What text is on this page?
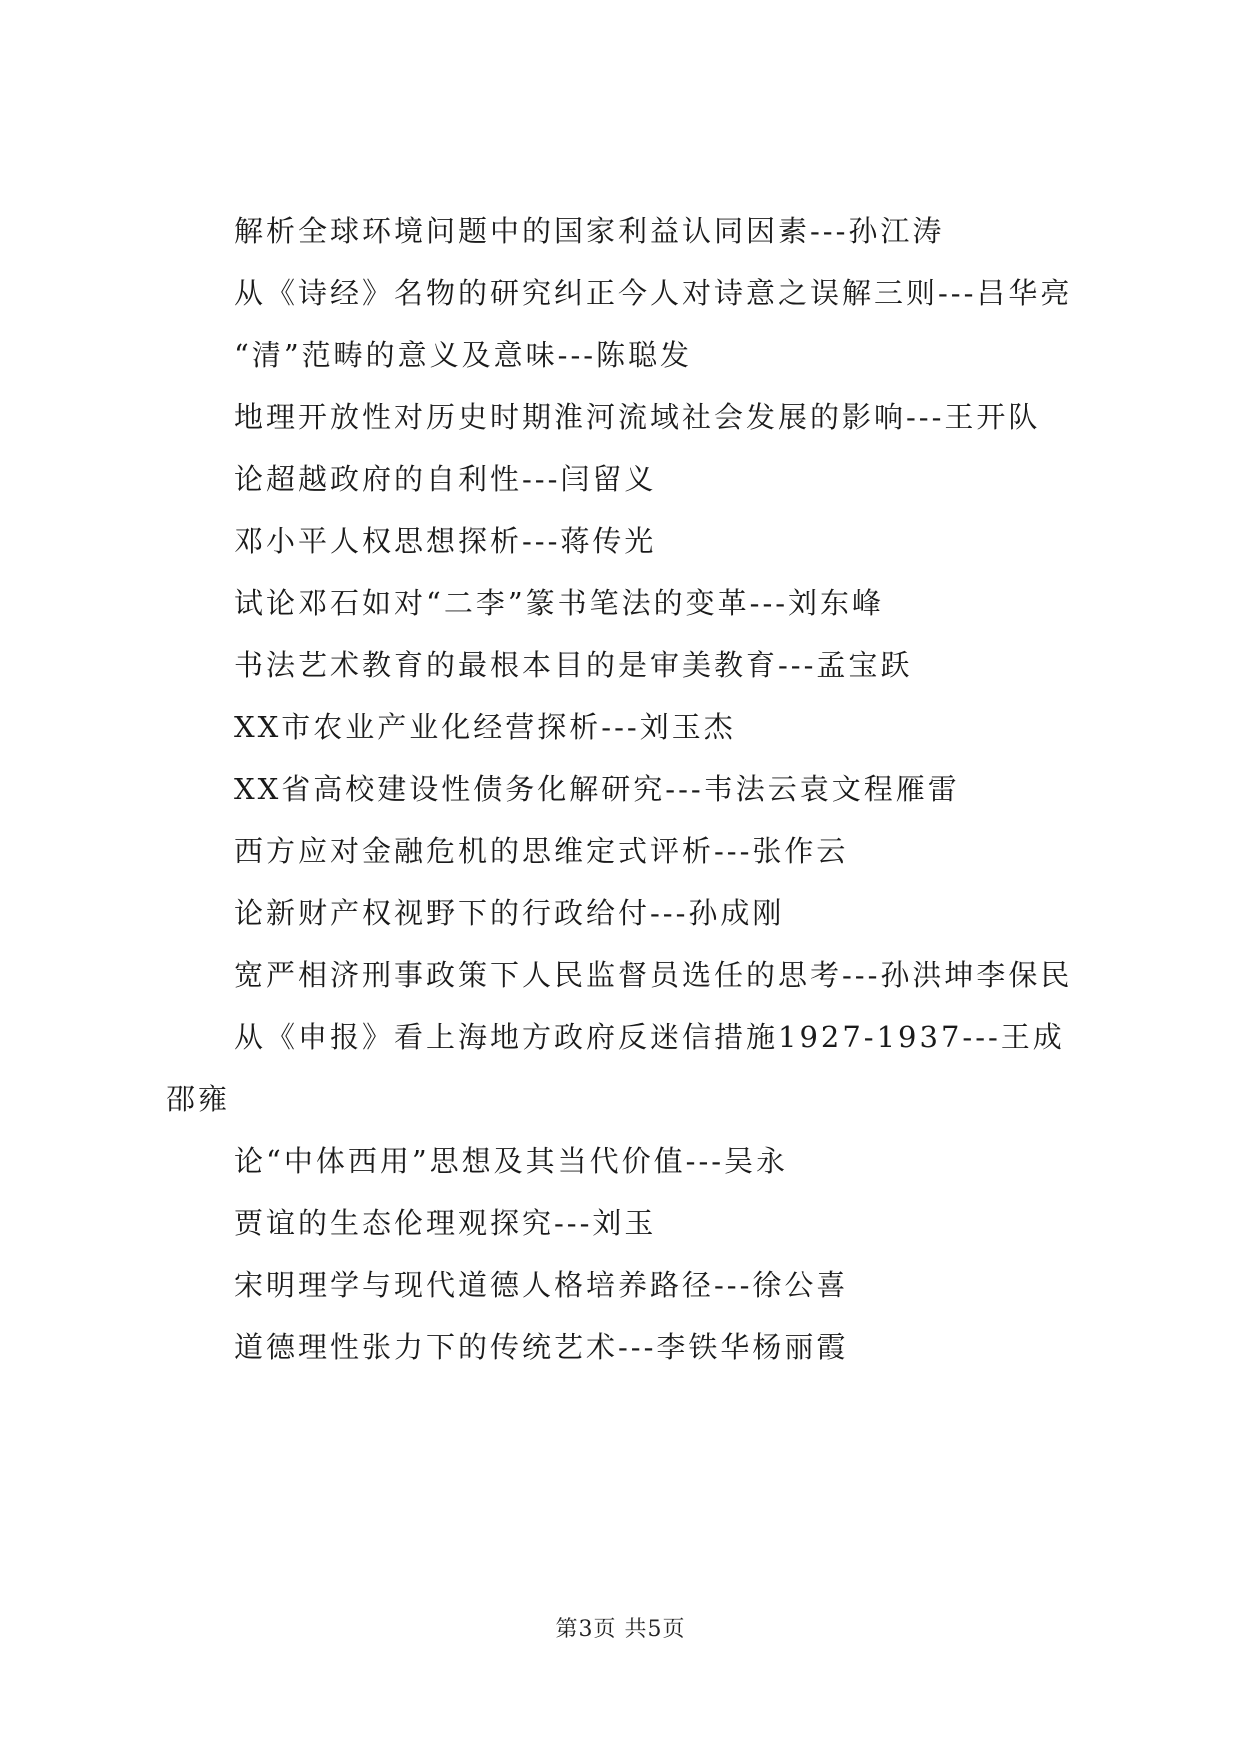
解析全球环境问题中的国家利益认同因素---孙江涛

从《诗经》名物的研究纠正今人对诗意之误解三则---吕华亮

“清”范畴的意义及意味---陈聪发

地理开放性对历史时期淮河流域社会发展的影响---王开队

论超越政府的自利性---闫留义

邓小平人权思想探析---蒋传光

试论邓石如对“二李”篆书笔法的变革---刘东峰

书法艺术教育的最根本目的是审美教育---孟宝跃

XX市农业产业化经营探析---刘玉杰

XX省高校建设性债务化解研究---韦法云袁文程雁雷

西方应对金融危机的思维定式评析---张作云

论新财产权视野下的行政给付---孙成刚

宽严相济刑事政策下人民监督员选任的思考---孙洪坤李保民

从《申报》看上海地方政府反迷信措施1927-1937---王成邵雍

论“中体西用”思想及其当代价值---吴永

贾谊的生态伦理观探究---刘玉

宋明理学与现代道德人格培养路径---徐公喜

道德理性张力下的传统艺术---李铁华杨丽霞

第3页 共5页
